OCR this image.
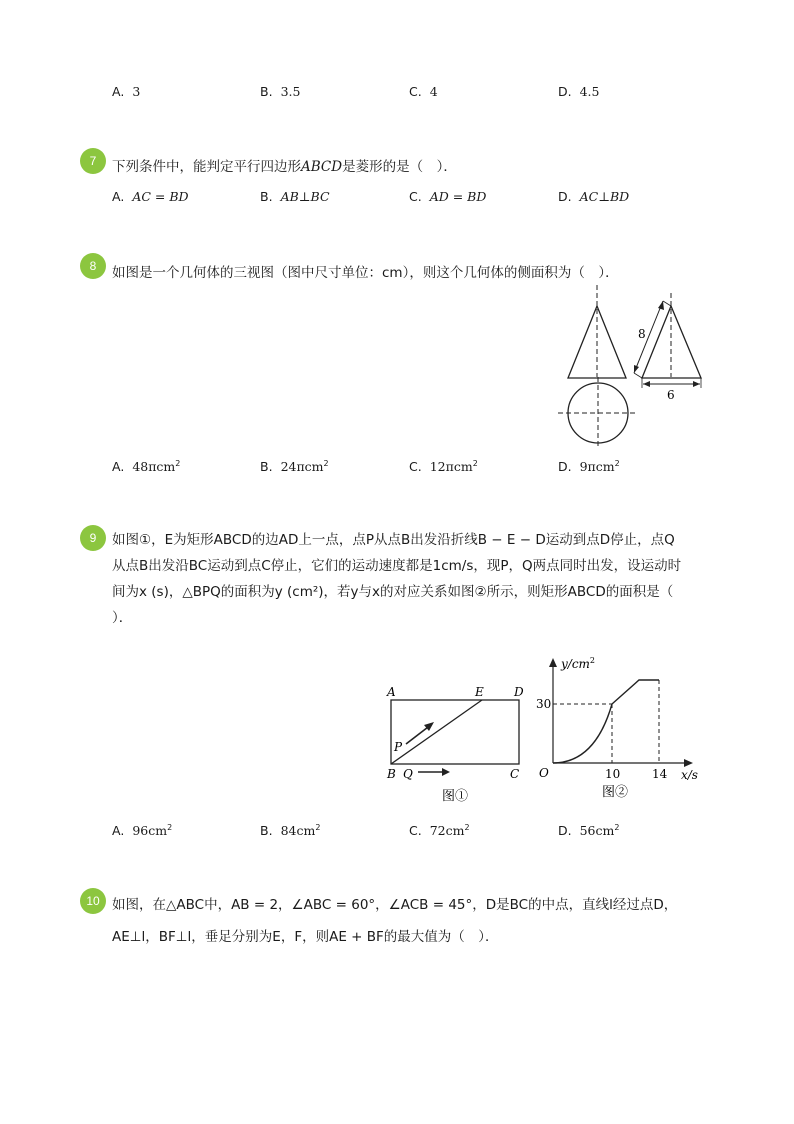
A. 3	B. 3.5	C. 4	D. 4.5
7	下列条件中，能判定平行四边形ABCD是菱形的是（　）．
A. AC = BD	B. AB⊥BC	C. AD = BD	D. AC⊥BD
8	如图是一个几何体的三视图（图中尺寸单位：cm），则这个几何体的侧面积为（　）．
8
6
A. 48πcm$^2$	B. 24πcm$^2$	C. 12πcm$^2$	D. 9πcm$^2$
9	如图①，E为矩形ABCD的边AD上一点，点P从点B出发沿折线B − E − D运动到点D停止，点Q
从点B出发沿BC运动到点C停止，它们的运动速度都是1cm/s，现P，Q两点同时出发，设运动时
间为x (s)，△BPQ的面积为y (cm²)，若y与x的对应关系如图②所示，则矩形ABCD的面积是（
）．
A	E	D
P
B Q	C
图①
$y/cm^2$
30
O	10	14 x/s
图②
A. $96cm^2$	B. $84cm^2$	C. $72cm^2$	D. $56cm^2$
10 如图，在△ABC中，AB = 2，∠ABC = 60°，∠ACB = 45°，D是BC的中点，直线l经过点D，
AE⊥l，BF⊥l，垂足分别为E，F，则AE + BF的最大值为（　）．
